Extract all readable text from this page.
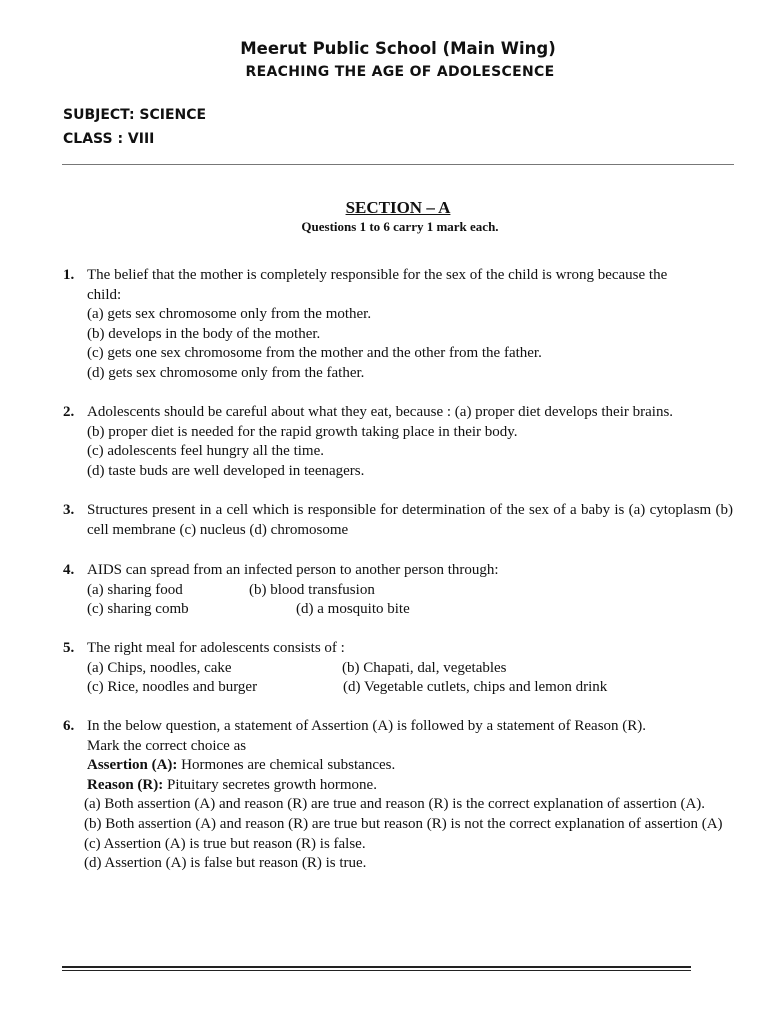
Meerut Public School (Main Wing)
REACHING THE AGE OF ADOLESCENCE
SUBJECT: SCIENCE
CLASS : VIII
SECTION – A
Questions 1 to 6 carry 1 mark each.
1. The belief that the mother is completely responsible for the sex of the child is wrong because the
child:
(a) gets sex chromosome only from the mother.
(b) develops in the body of the mother.
(c) gets one sex chromosome from the mother and the other from the father.
(d) gets sex chromosome only from the father.
2. Adolescents should be careful about what they eat, because : (a) proper diet develops their brains.
(b) proper diet is needed for the rapid growth taking place in their body.
(c) adolescents feel hungry all the time.
(d) taste buds are well developed in teenagers.
3. Structures present in a cell which is responsible for determination of the sex of a baby is (a) cytoplasm (b) cell membrane (c) nucleus (d) chromosome
4. AIDS can spread from an infected person to another person through:
(a) sharing food	(b) blood transfusion
(c) sharing comb	(d) a mosquito bite
5. The right meal for adolescents consists of :
(a) Chips, noodles, cake	(b) Chapati, dal, vegetables
(c) Rice, noodles and burger	(d) Vegetable cutlets, chips and lemon drink
6. In the below question, a statement of Assertion (A) is followed by a statement of Reason (R).
Mark the correct choice as
Assertion (A): Hormones are chemical substances.
Reason (R): Pituitary secretes growth hormone.
(a) Both assertion (A) and reason (R) are true and reason (R) is the correct explanation of assertion (A).
(b) Both assertion (A) and reason (R) are true but reason (R) is not the correct explanation of assertion (A)
(c) Assertion (A) is true but reason (R) is false.
(d) Assertion (A) is false but reason (R) is true.
